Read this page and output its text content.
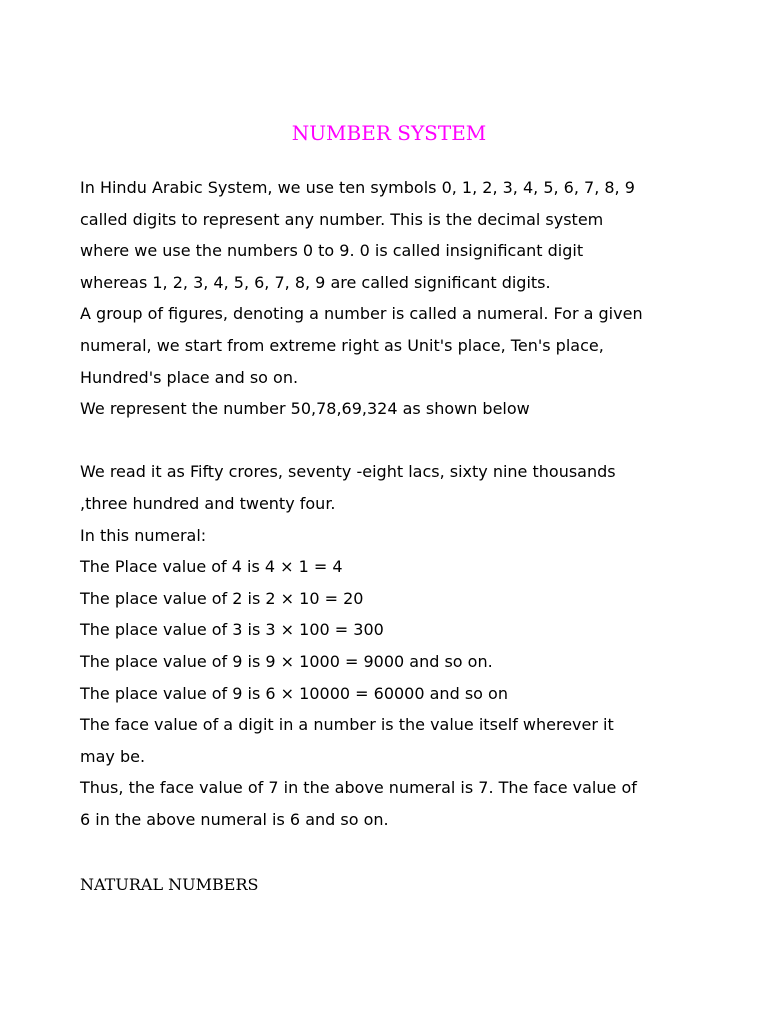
NUMBER SYSTEM
In Hindu Arabic System, we use ten symbols 0, 1, 2, 3, 4, 5, 6, 7, 8, 9
called digits to represent any number. This is the decimal system
where we use the numbers 0 to 9. 0 is called insignificant digit
whereas 1, 2, 3, 4, 5, 6, 7, 8, 9 are called significant digits.
A group of figures, denoting a number is called a numeral. For a given
numeral, we start from extreme right as Unit's place, Ten's place,
Hundred's place and so on.
We represent the number 50,78,69,324 as shown below
We read it as Fifty crores, seventy -eight lacs, sixty nine thousands
,three hundred and twenty four.
In this numeral:
The Place value of 4 is 4 × 1 = 4
The place value of 2 is 2 × 10 = 20
The place value of 3 is 3 × 100 = 300
The place value of 9 is 9 × 1000 = 9000 and so on.
The place value of 9 is 6 × 10000 = 60000 and so on
The face value of a digit in a number is the value itself wherever it
may be.
Thus, the face value of 7 in the above numeral is 7. The face value of
6 in the above numeral is 6 and so on.
NATURAL NUMBERS
